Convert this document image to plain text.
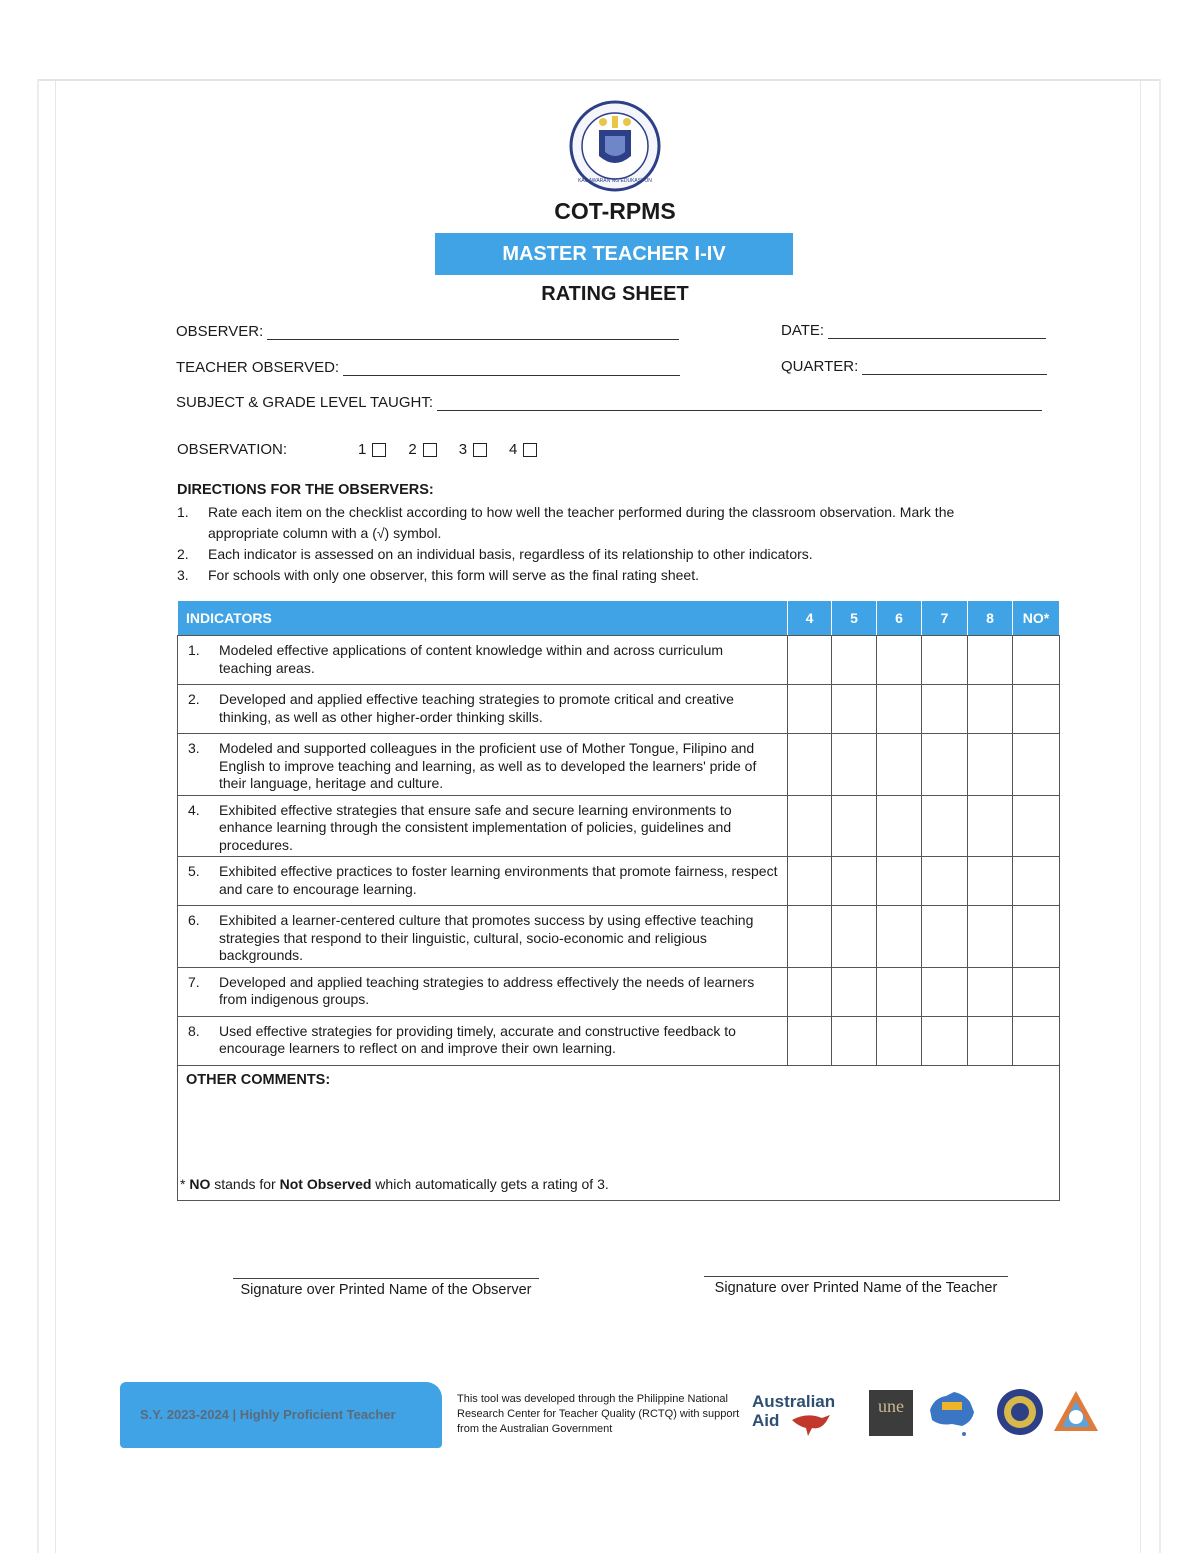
KAGAWARAN NG EDUKASYON
COT-RPMS
MASTER TEACHER I-IV
RATING SHEET
OBSERVER:	DATE:
TEACHER OBSERVED:	QUARTER:
SUBJECT & GRADE LEVEL TAUGHT:
OBSERVATION:	1	2	3	4
DIRECTIONS FOR THE OBSERVERS:
1.	Rate each item on the checklist according to how well the teacher performed during the classroom observation. Mark the appropriate column with a (√) symbol.
2.	Each indicator is assessed on an individual basis, regardless of its relationship to other indicators.
3.	For schools with only one observer, this form will serve as the final rating sheet.
INDICATORS	4	5	6	7	8	NO*

1. Modeled effective applications of content knowledge within and across curriculum teaching areas.						

2. Developed and applied effective teaching strategies to promote critical and creative thinking, as well as other higher-order thinking skills.						

3. Modeled and supported colleagues in the proficient use of Mother Tongue, Filipino and English to improve teaching and learning, as well as to developed the learners' pride of their language, heritage and culture.						

4. Exhibited effective strategies that ensure safe and secure learning environments to enhance learning through the consistent implementation of policies, guidelines and procedures.						

5. Exhibited effective practices to foster learning environments that promote fairness, respect and care to encourage learning.						

6. Exhibited a learner-centered culture that promotes success by using effective teaching strategies that respond to their linguistic, cultural, socio-economic and religious backgrounds.						

7. Developed and applied teaching strategies to address effectively the needs of learners from indigenous groups.						

8. Used effective strategies for providing timely, accurate and constructive feedback to encourage learners to reflect on and improve their own learning.						

OTHER COMMENTS:						
* NO stands for Not Observed which automatically gets a rating of 3.
Signature over Printed Name of the Observer	Signature over Printed Name of the Teacher
S.Y. 2023-2024 | Highly Proficient Teacher
This tool was developed through the Philippine National Research Center for Teacher Quality (RCTQ) with support from the Australian Government
Australian
Aid
une
